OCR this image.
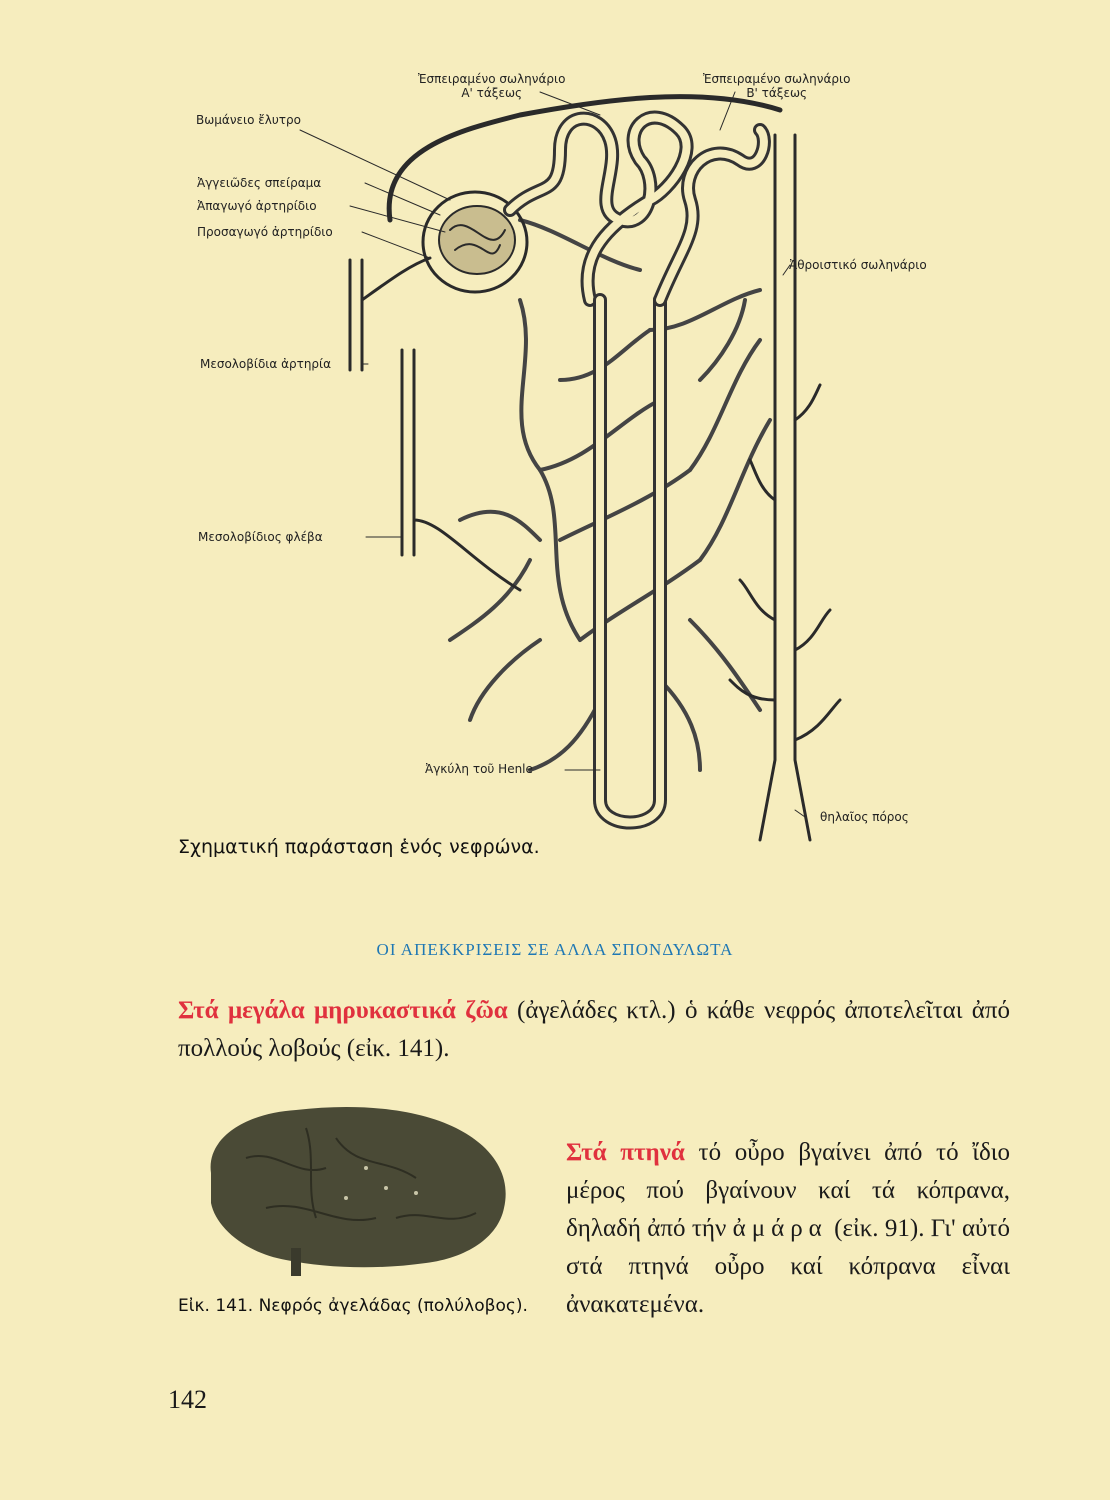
Βωμάνειο ἔλυτρο
Ἀγγειῶδες σπείραμα
Ἀπαγωγό ἀρτηρίδιο
Προσαγωγό ἀρτηρίδιο
Μεσολοβίδια ἀρτηρία
Μεσολοβίδιος φλέβα
Ἐσπειραμένο σωληνάριο
Α' τάξεως
Ἐσπειραμένο σωληνάριο
Β' τάξεως
Ἀθροιστικό σωληνάριο
Ἀγκύλη τοῦ Henle
θηλαῖος πόρος
Σχηματική παράσταση ἑνός νεφρώνα.
ΟΙ ΑΠΕΚΚΡΙΣΕΙΣ ΣΕ ΑΛΛΑ ΣΠΟΝΔΥΛΩΤΑ
Στά μεγάλα μηρυκαστικά ζῶα (ἀγελάδες κτλ.) ὁ κάθε νεφρός ἀποτελεῖται ἀπό πολλούς λοβούς (εἰκ. 141).
Εἰκ. 141. Νεφρός ἀγελάδας (πολύλοβος).
Στά πτηνά τό οὖρο βγαίνει ἀπό τό ἴδιο μέρος πού βγαίνουν καί τά κόπρανα, δηλαδή ἀπό τήν ἀμάρα (εἰκ. 91). Γι' αὐτό στά πτηνά οὖρο καί κόπρανα εἶναι ἀνακατεμένα.
142
